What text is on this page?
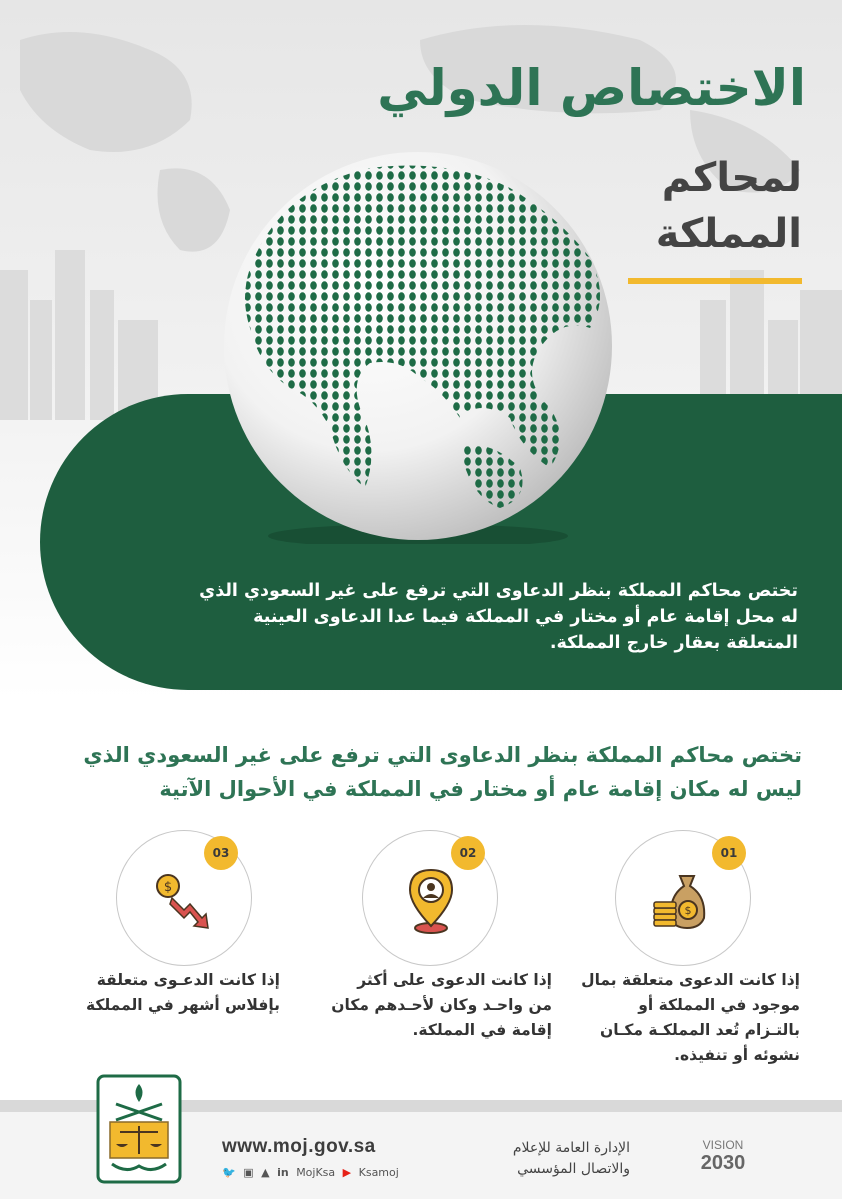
الاختصاص الدولي
لمحاكم
المملكة
تختص محاكم المملكة بنظر الدعاوى التي ترفع على غير السعودي الذي له محل إقامة عام أو مختار في المملكة فيما عدا الدعاوى العينية المتعلقة بعقار خارج المملكة.
تختص محاكم المملكة بنظر الدعاوى التي ترفع على غير السعودي الذي ليس له مكان إقامة عام أو مختار في المملكة في الأحوال الآتية
01
$
إذا كانت الدعوى متعلقة بمال موجود في المملكة أو بالتـزام تُعد المملكـة مكـان نشوئه أو تنفيذه.
02
إذا كانت الدعوى على أكثر من واحـد وكان لأحـدهم مكان إقامة في المملكة.
03
$
إذا كانت الدعـوى متعلقة بإفلاس أشهر في المملكة
www.moj.gov.sa
🐦 ▣ ▲ in MojKsa ▶ Ksamoj
الإدارة العامة للإعلام
والاتصال المؤسسي
VISION
2030
